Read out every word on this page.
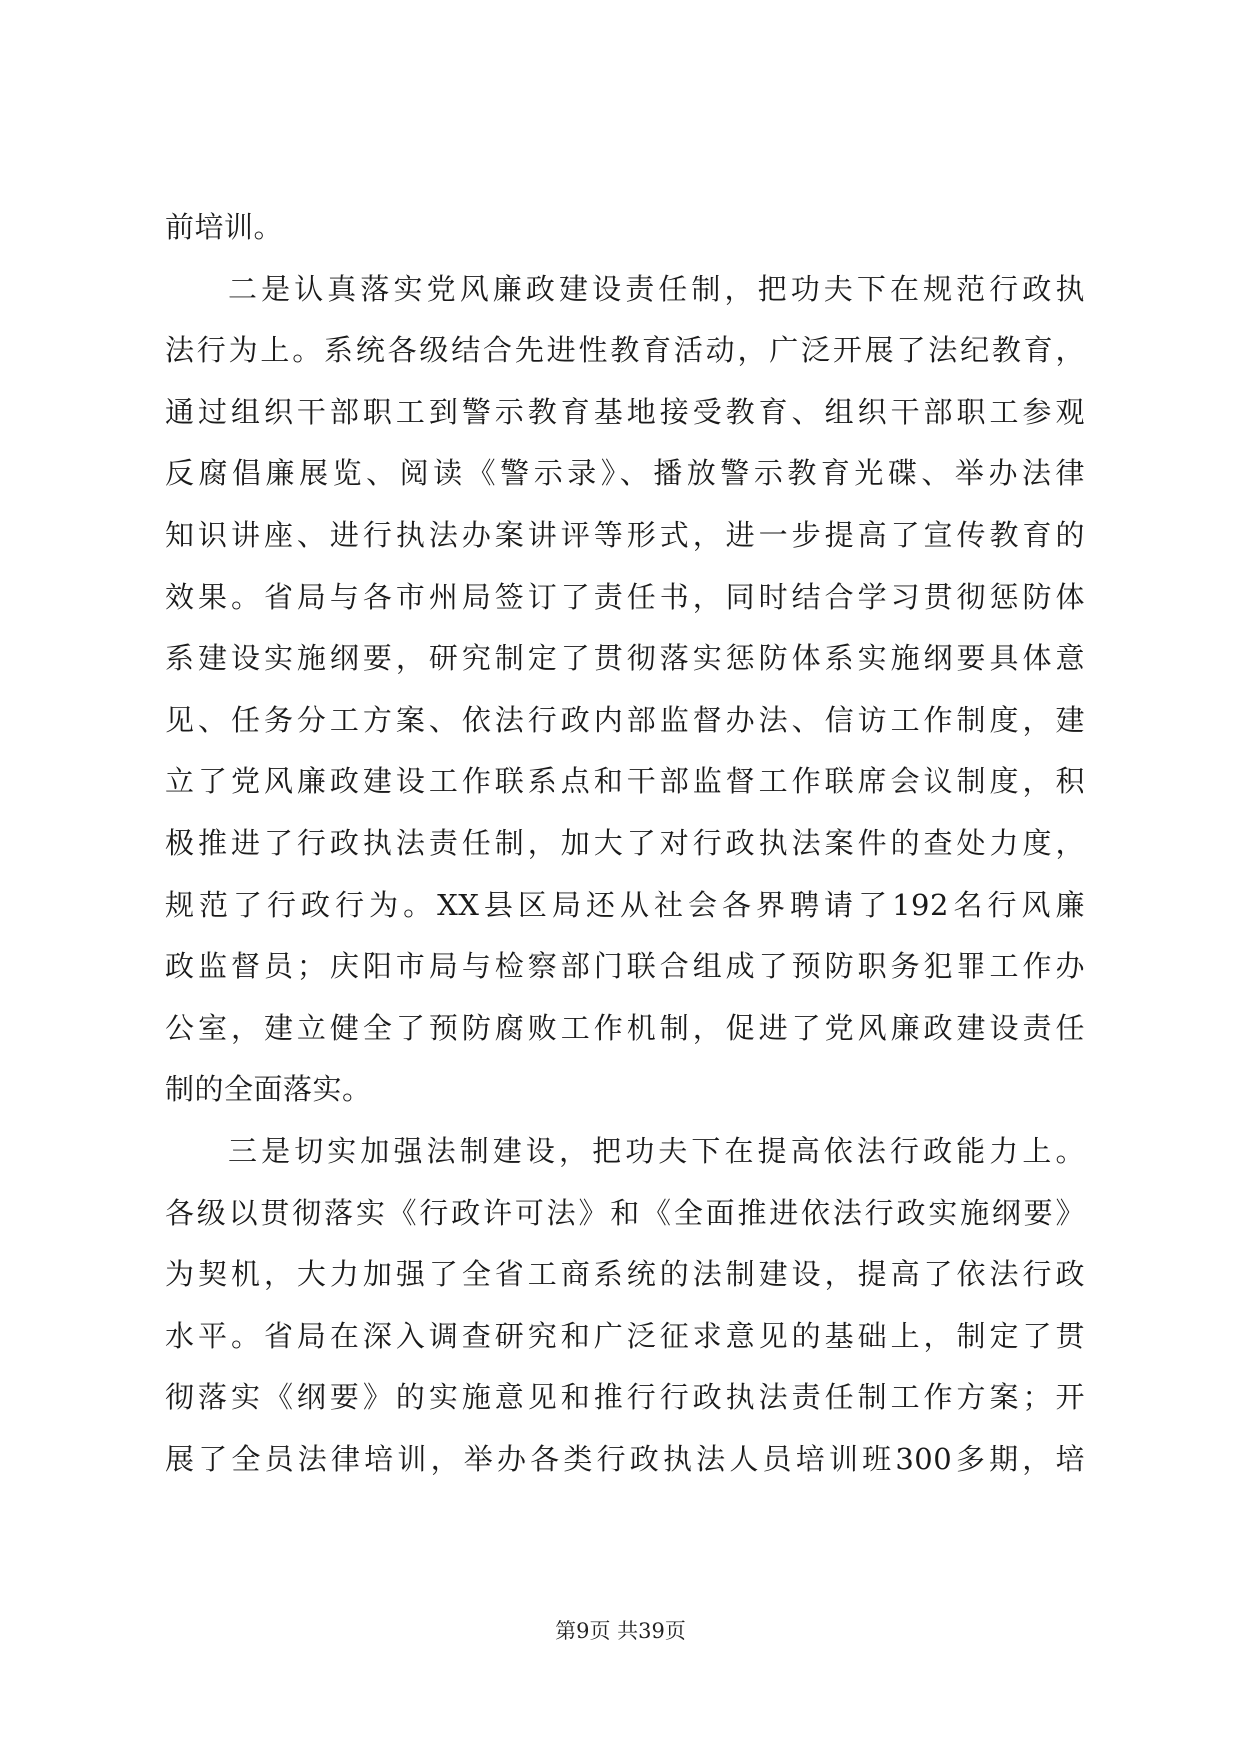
前培训。
二是认真落实党风廉政建设责任制，把功夫下在规范行政执
法行为上。系统各级结合先进性教育活动，广泛开展了法纪教育，
通过组织干部职工到警示教育基地接受教育、组织干部职工参观
反腐倡廉展览、阅读《警示录》、播放警示教育光碟、举办法律
知识讲座、进行执法办案讲评等形式，进一步提高了宣传教育的
效果。省局与各市州局签订了责任书，同时结合学习贯彻惩防体
系建设实施纲要，研究制定了贯彻落实惩防体系实施纲要具体意
见、任务分工方案、依法行政内部监督办法、信访工作制度，建
立了党风廉政建设工作联系点和干部监督工作联席会议制度，积
极推进了行政执法责任制，加大了对行政执法案件的查处力度，
规范了行政行为。XX县区局还从社会各界聘请了192名行风廉
政监督员；庆阳市局与检察部门联合组成了预防职务犯罪工作办
公室，建立健全了预防腐败工作机制，促进了党风廉政建设责任
制的全面落实。
三是切实加强法制建设，把功夫下在提高依法行政能力上。
各级以贯彻落实《行政许可法》和《全面推进依法行政实施纲要》
为契机，大力加强了全省工商系统的法制建设，提高了依法行政
水平。省局在深入调查研究和广泛征求意见的基础上，制定了贯
彻落实《纲要》的实施意见和推行行政执法责任制工作方案；开
展了全员法律培训，举办各类行政执法人员培训班300多期，培
第9页 共39页
